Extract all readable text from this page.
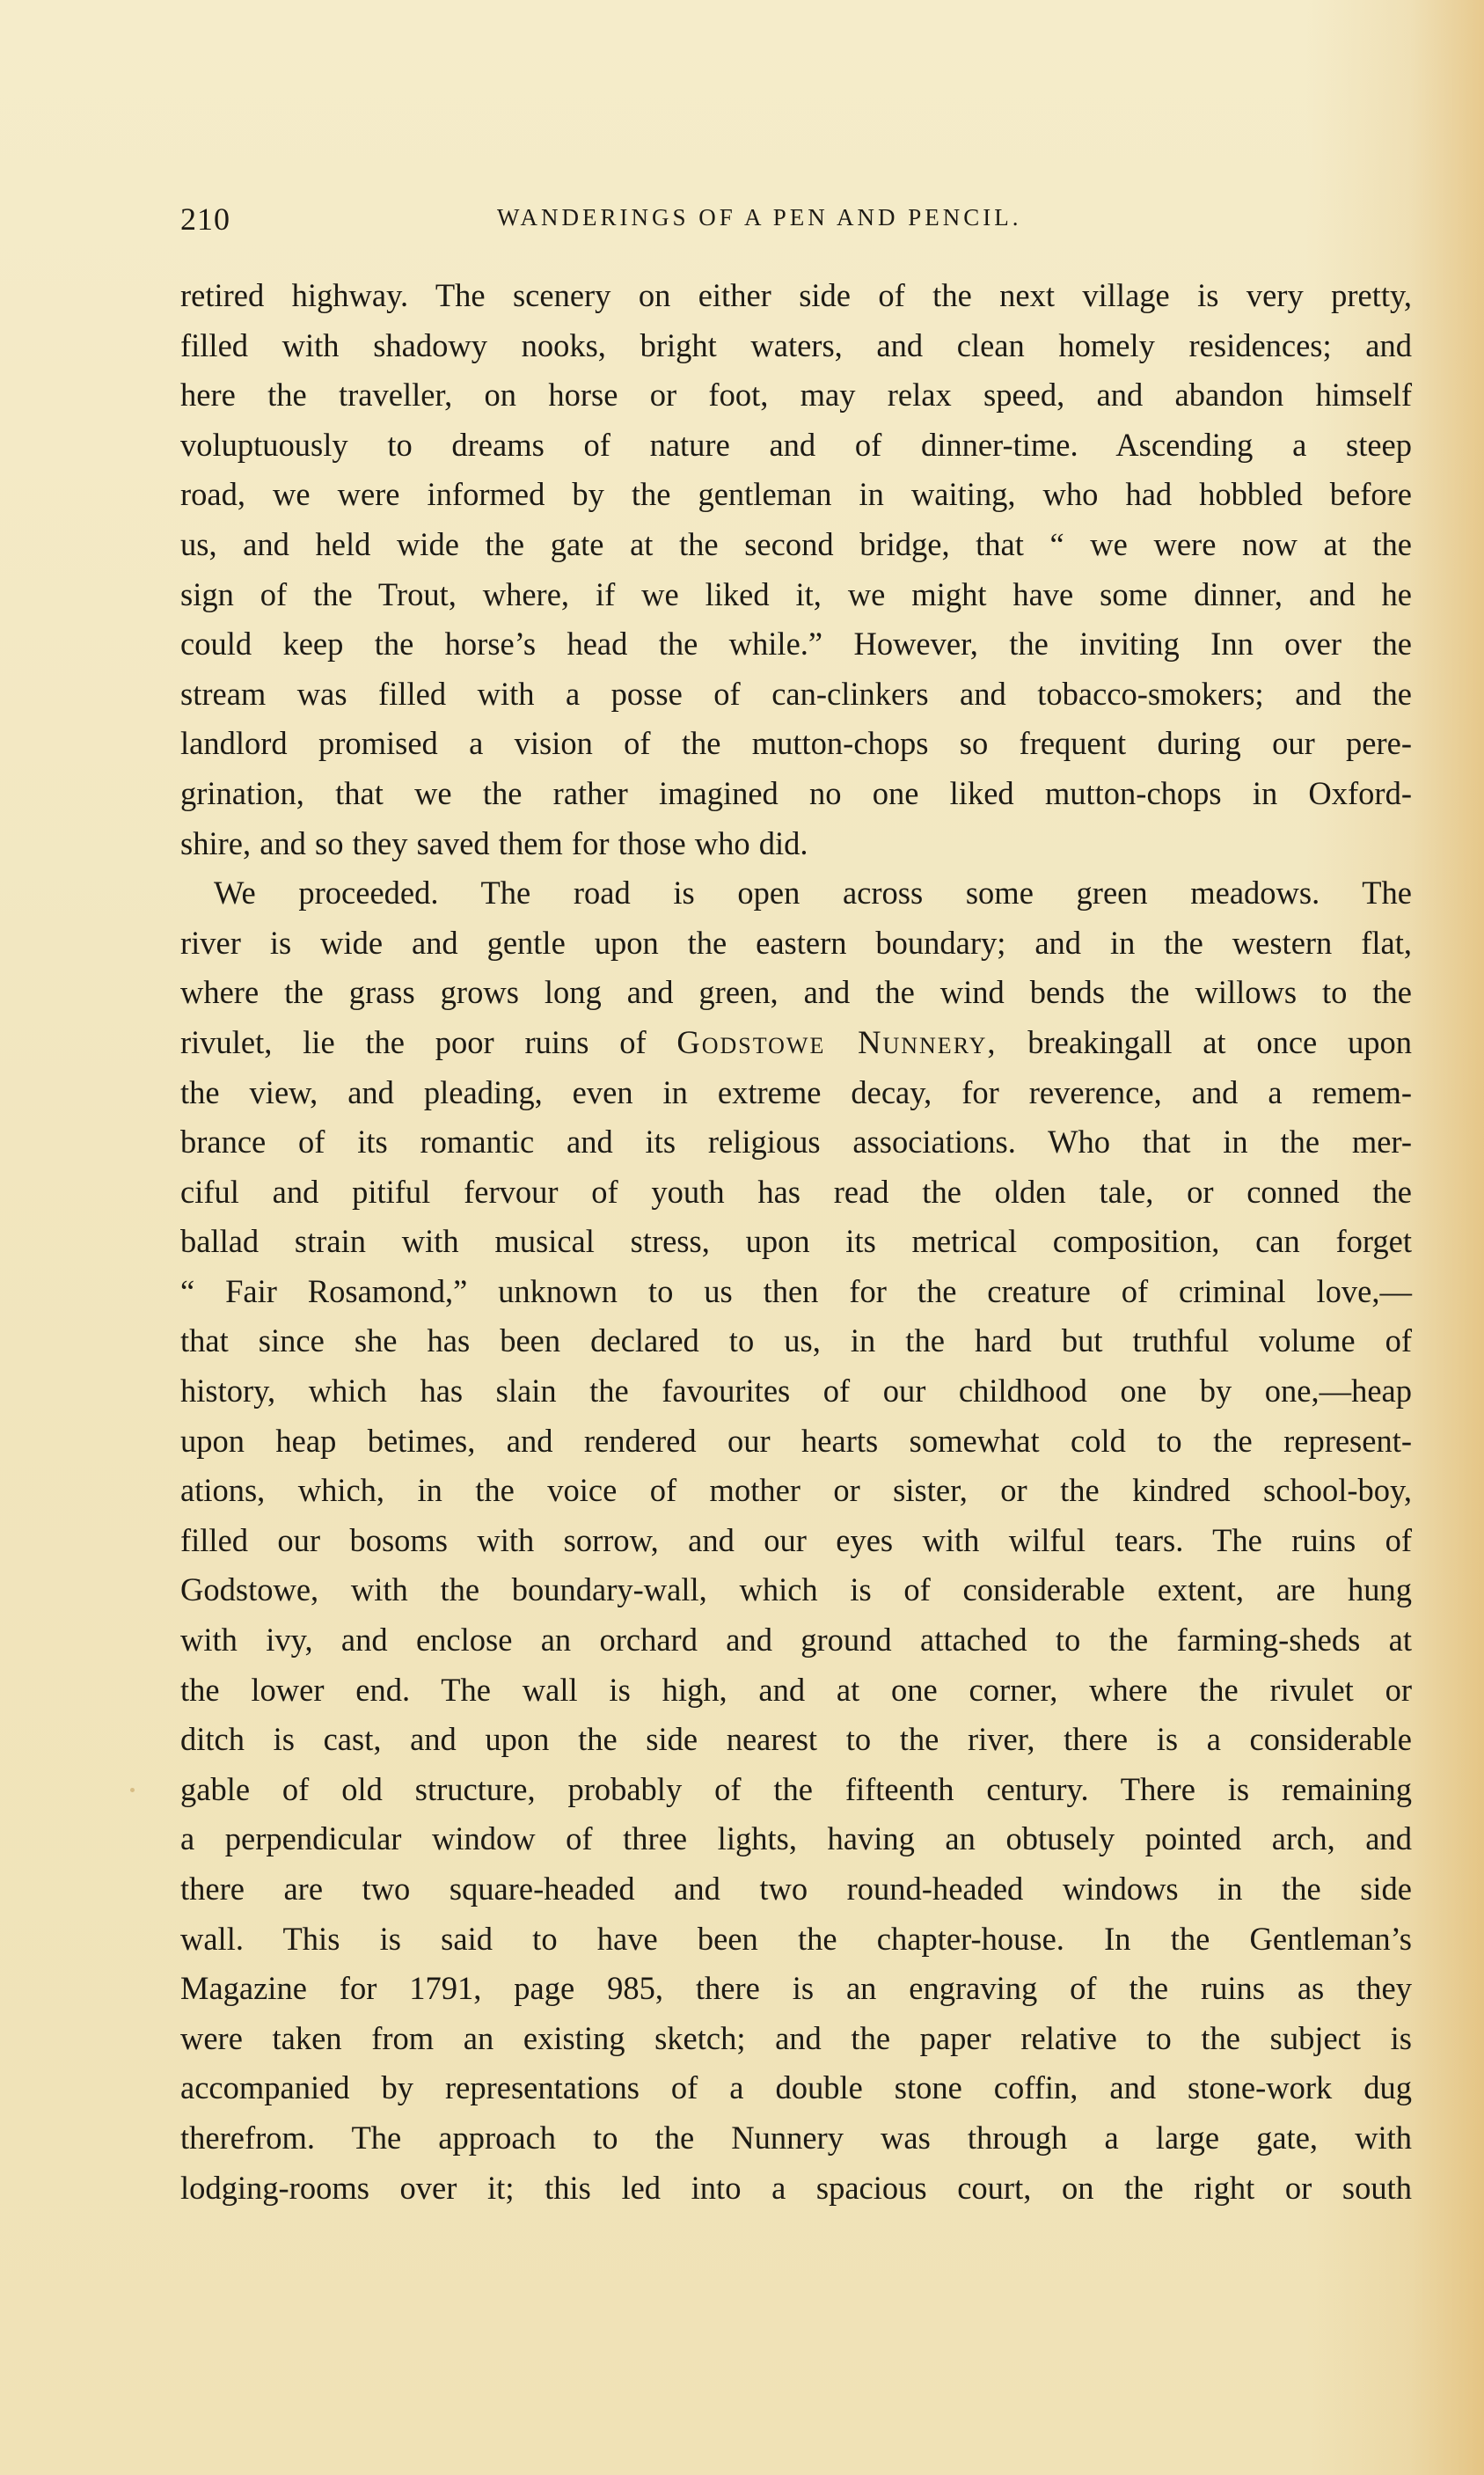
210	WANDERINGS OF A PEN AND PENCIL.
retired highway. The scenery on either side of the next village is very pretty,
filled with shadowy nooks, bright waters, and clean homely residences; and
here the traveller, on horse or foot, may relax speed, and abandon himself
voluptuously to dreams of nature and of dinner-time. Ascending a steep
road, we were informed by the gentleman in waiting, who had hobbled before
us, and held wide the gate at the second bridge, that “ we were now at the
sign of the Trout, where, if we liked it, we might have some dinner, and he
could keep the horse’s head the while.” However, the inviting Inn over the
stream was filled with a posse of can-clinkers and tobacco-smokers; and the
landlord promised a vision of the mutton-chops so frequent during our pere-
grination, that we the rather imagined no one liked mutton-chops in Oxford-
shire, and so they saved them for those who did.
We proceeded. The road is open across some green meadows. The
river is wide and gentle upon the eastern boundary; and in the western flat,
where the grass grows long and green, and the wind bends the willows to the
rivulet, lie the poor ruins of Godstowe Nunnery, breakingall at once upon
the view, and pleading, even in extreme decay, for reverence, and a remem-
brance of its romantic and its religious associations. Who that in the mer-
ciful and pitiful fervour of youth has read the olden tale, or conned the
ballad strain with musical stress, upon its metrical composition, can forget
“ Fair Rosamond,” unknown to us then for the creature of criminal love,—
that since she has been declared to us, in the hard but truthful volume of
history, which has slain the favourites of our childhood one by one,—heap
upon heap betimes, and rendered our hearts somewhat cold to the represent-
ations, which, in the voice of mother or sister, or the kindred school-boy,
filled our bosoms with sorrow, and our eyes with wilful tears. The ruins of
Godstowe, with the boundary-wall, which is of considerable extent, are hung
with ivy, and enclose an orchard and ground attached to the farming-sheds at
the lower end. The wall is high, and at one corner, where the rivulet or
ditch is cast, and upon the side nearest to the river, there is a considerable
gable of old structure, probably of the fifteenth century. There is remaining
a perpendicular window of three lights, having an obtusely pointed arch, and
there are two square-headed and two round-headed windows in the side
wall. This is said to have been the chapter-house. In the Gentleman’s
Magazine for 1791, page 985, there is an engraving of the ruins as they
were taken from an existing sketch; and the paper relative to the subject is
accompanied by representations of a double stone coffin, and stone-work dug
therefrom. The approach to the Nunnery was through a large gate, with
lodging-rooms over it; this led into a spacious court, on the right or south
